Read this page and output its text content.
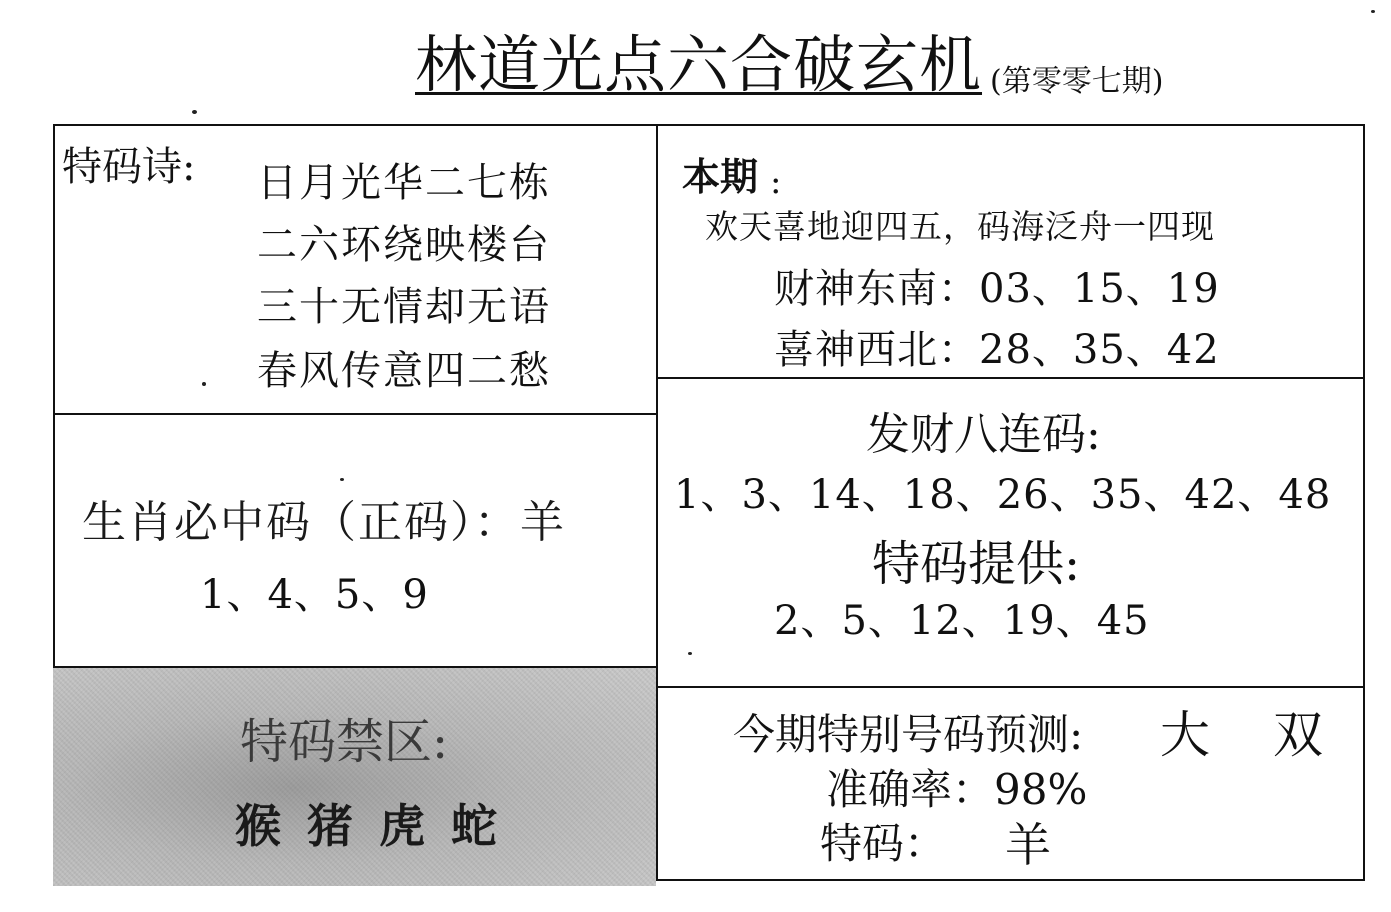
林道光点六合破玄机 (第零零七期)
特码诗: 日月光华二七栋
二六环绕映楼台
三十无情却无语
春风传意四二愁
本期 :
欢天喜地迎四五，码海泛舟一四现
财神东南：03、15、19
喜神西北：28、35、42
生肖必中码（正码）：羊
1、4、5、9
特码禁区:
猴猪虎蛇
发财八连码:
1、3、14、18、26、35、42、48
特码提供:
2、5、12、19、45
今期特别号码预测: 大 双
准确率：98%
特码： 羊
